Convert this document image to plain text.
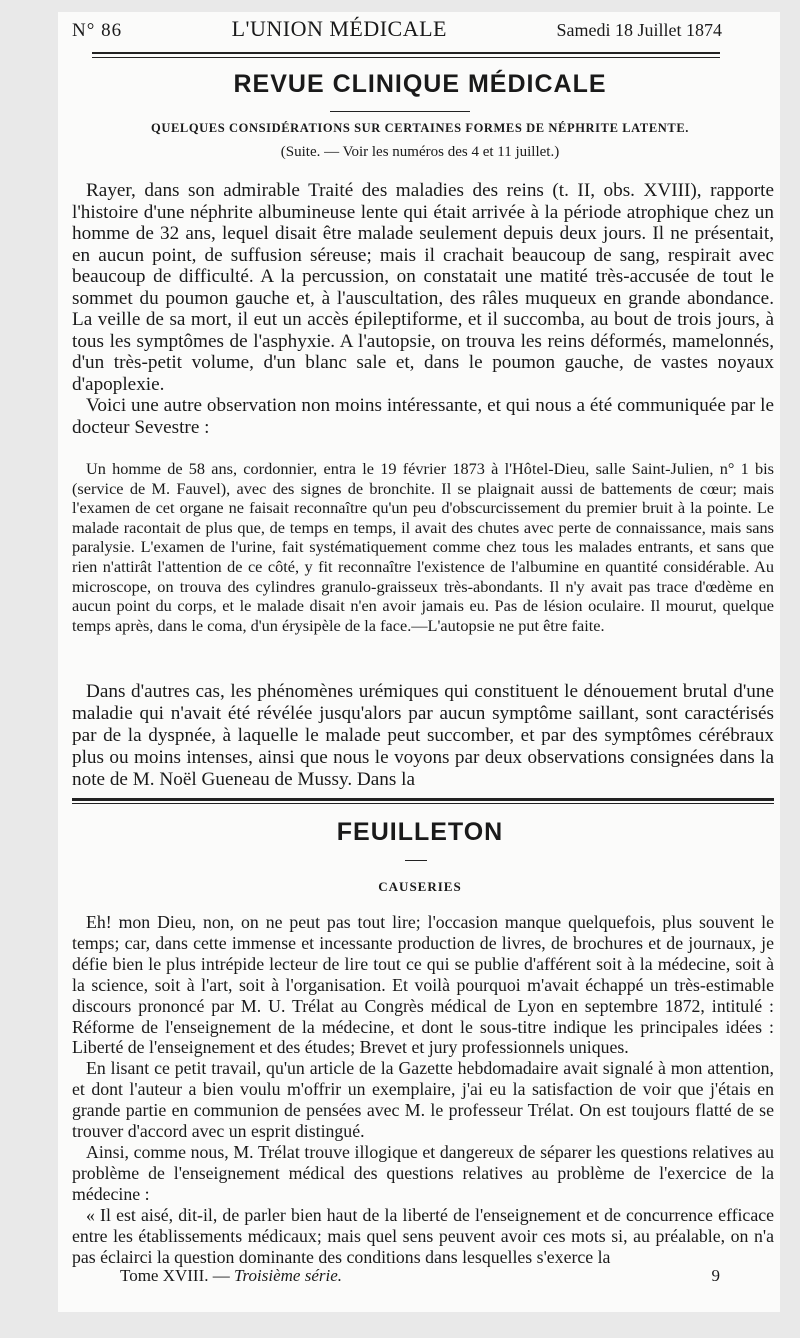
N° 86	L'UNION MÉDICALE	Samedi 18 Juillet 1874
REVUE CLINIQUE MÉDICALE
QUELQUES CONSIDÉRATIONS SUR CERTAINES FORMES DE NÉPHRITE LATENTE.
(Suite. — Voir les numéros des 4 et 11 juillet.)

Rayer, dans son admirable Traité des maladies des reins (t. II, obs. XVIII), rapporte l'histoire d'une néphrite albumineuse lente qui était arrivée à la période atrophique chez un homme de 32 ans, lequel disait être malade seulement depuis deux jours. Il ne présentait, en aucun point, de suffusion séreuse; mais il crachait beaucoup de sang, respirait avec beaucoup de difficulté. A la percussion, on constatait une matité très-accusée de tout le sommet du poumon gauche et, à l'auscultation, des râles muqueux en grande abondance. La veille de sa mort, il eut un accès épileptiforme, et il succomba, au bout de trois jours, à tous les symptômes de l'asphyxie. A l'autopsie, on trouva les reins déformés, mamelonnés, d'un très-petit volume, d'un blanc sale et, dans le poumon gauche, de vastes noyaux d'apoplexie.

Voici une autre observation non moins intéressante, et qui nous a été communiquée par le docteur Sevestre :

Un homme de 58 ans, cordonnier, entra le 19 février 1873 à l'Hôtel-Dieu, salle Saint-Julien, n° 1 bis (service de M. Fauvel), avec des signes de bronchite. Il se plaignait aussi de battements de cœur; mais l'examen de cet organe ne faisait reconnaître qu'un peu d'obscurcissement du premier bruit à la pointe. Le malade racontait de plus que, de temps en temps, il avait des chutes avec perte de connaissance, mais sans paralysie. L'examen de l'urine, fait systématiquement comme chez tous les malades entrants, et sans que rien n'attirât l'attention de ce côté, y fit reconnaître l'existence de l'albumine en quantité considérable. Au microscope, on trouva des cylindres granulo-graisseux très-abondants. Il n'y avait pas trace d'œdème en aucun point du corps, et le malade disait n'en avoir jamais eu. Pas de lésion oculaire. Il mourut, quelque temps après, dans le coma, d'un érysipèle de la face.—L'autopsie ne put être faite.

Dans d'autres cas, les phénomènes urémiques qui constituent le dénouement brutal d'une maladie qui n'avait été révélée jusqu'alors par aucun symptôme saillant, sont caractérisés par de la dyspnée, à laquelle le malade peut succomber, et par des symptômes cérébraux plus ou moins intenses, ainsi que nous le voyons par deux observations consignées dans la note de M. Noël Gueneau de Mussy. Dans la

FEUILLETON
CAUSERIES

Eh! mon Dieu, non, on ne peut pas tout lire; l'occasion manque quelquefois, plus souvent le temps; car, dans cette immense et incessante production de livres, de brochures et de journaux, je défie bien le plus intrépide lecteur de lire tout ce qui se publie d'afférent soit à la médecine, soit à la science, soit à l'art, soit à l'organisation. Et voilà pourquoi m'avait échappé un très-estimable discours prononcé par M. U. Trélat au Congrès médical de Lyon en septembre 1872, intitulé : Réforme de l'enseignement de la médecine, et dont le sous-titre indique les principales idées : Liberté de l'enseignement et des études; Brevet et jury professionnels uniques.

En lisant ce petit travail, qu'un article de la Gazette hebdomadaire avait signalé à mon attention, et dont l'auteur a bien voulu m'offrir un exemplaire, j'ai eu la satisfaction de voir que j'étais en grande partie en communion de pensées avec M. le professeur Trélat. On est toujours flatté de se trouver d'accord avec un esprit distingué.

Ainsi, comme nous, M. Trélat trouve illogique et dangereux de séparer les questions relatives au problème de l'enseignement médical des questions relatives au problème de l'exercice de la médecine :

« Il est aisé, dit-il, de parler bien haut de la liberté de l'enseignement et de concurrence efficace entre les établissements médicaux; mais quel sens peuvent avoir ces mots si, au préalable, on n'a pas éclairci la question dominante des conditions dans lesquelles s'exerce la

Tome XVIII. — Troisième série.	9
